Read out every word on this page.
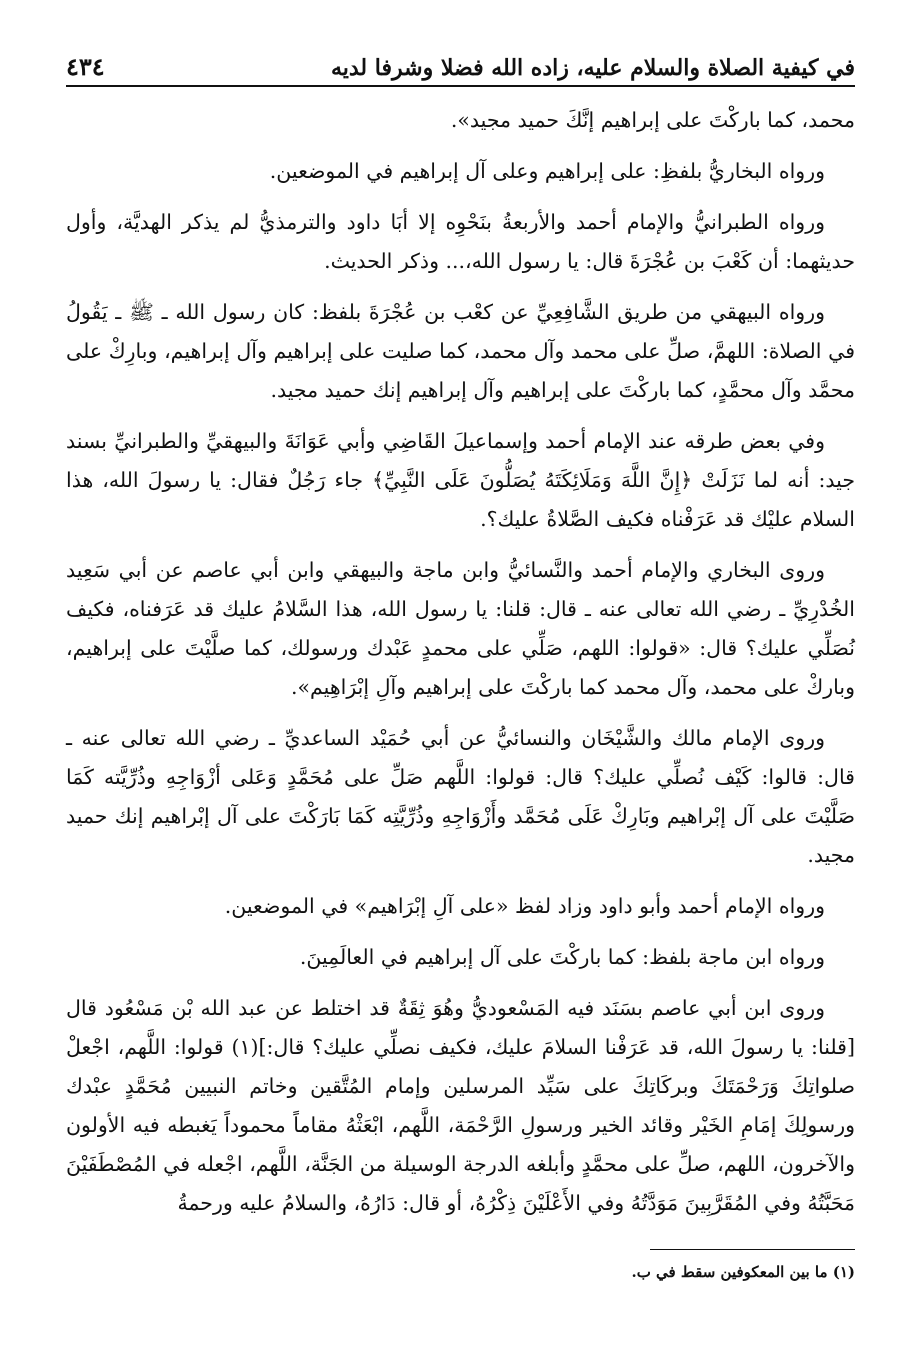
في كيفية الصلاة والسلام عليه، زاده الله فضلا وشرفا لديه
٤٣٤

محمد، كما باركْتَ على إبراهيم إنَّكَ حميد مجيد».

ورواه البخاريُّ بلفظِ: على إبراهيم وعلى آل إبراهيم في الموضعين.

ورواه الطبرانيُّ والإمام أحمد والأربعةُ بنَحْوِه إلا أبَا داود والترمذيُّ لم يذكر الهديَّة، وأول حديثهما: أن كَعْبَ بن عُجْرَةَ قال: يا رسول الله،... وذكر الحديث.

ورواه البيهقي من طريق الشَّافِعِيِّ عن كعْب بن عُجْرَةَ بلفظ: كان رسول الله ـ ﷺ ـ يَقُولُ في الصلاة: اللهمَّ، صلِّ على محمد وآل محمد، كما صليت على إبراهيم وآل إبراهيم، وبارِكْ على محمَّد وآل محمَّدٍ، كما باركْتَ على إبراهيم وآل إبراهيم إنك حميد مجيد.

وفي بعض طرقه عند الإمام أحمد وإسماعيلَ القَاضِي وأبي عَوَانَةَ والبيهقيِّ والطبرانيِّ بسند جيد: أنه لما نَزَلَتْ ﴿إِنَّ اللَّهَ وَمَلَائِكَتَهُ يُصَلُّونَ عَلَى النَّبِيِّ﴾ جاء رَجُلٌ فقال: يا رسولَ الله، هذا السلام عليْك قد عَرَفْناه فكيف الصَّلاةُ عليك؟.

وروى البخاري والإمام أحمد والنَّسائيُّ وابن ماجة والبيهقي وابن أبي عاصم عن أبي سَعِيد الخُدْرِيِّ ـ رضي الله تعالى عنه ـ قال: قلنا: يا رسول الله، هذا السَّلامُ عليك قد عَرَفناه، فكيف نُصَلِّي عليك؟ قال: «قولوا: اللهم، صَلِّي على محمدٍ عَبْدك ورسولك، كما صلَّيْتَ على إبراهيم، وباركْ على محمد، وآل محمد كما باركْتَ على إبراهيم وآلِ إبْرَاهِيم».

وروى الإمام مالك والشَّيْخَان والنسائيُّ عن أبي حُمَيْد الساعديِّ ـ رضي الله تعالى عنه ـ قال: قالوا: كَيْف نُصلِّي عليك؟ قال: قولوا: اللَّهم صَلِّ على مُحَمَّدٍ وَعَلى أزْوَاجِهِ وذُرِّيَّته كَمَا صَلَّيْتَ على آل إبْراهيم وبَارِكْ عَلَى مُحَمَّد وأَزْوَاجِهِ وذُرِّيَّتِه كَمَا بَارَكْتَ على آل إبْراهيم إنك حميد مجيد.

ورواه الإمام أحمد وأبو داود وزاد لفظ «على آلِ إبْرَاهيم» في الموضعين.

ورواه ابن ماجة بلفظ: كما باركْتَ على آل إبراهيم في العالَمِينَ.

وروى ابن أبي عاصم بسَنَد فيه المَسْعوديُّ وهُوَ ثِقَةٌ قد اختلط عن عبد الله بْن مَسْعُود قال [قلنا: يا رسولَ الله، قد عَرَفْنا السلامَ عليك، فكيف نصلِّي عليك؟ قال:](١) قولوا: اللَّهم، اجْعلْ صلواتِكَ وَرَحْمَتَكَ وبركَاتِكَ على سَيِّد المرسلين وإمام المُتَّقين وخاتم النبيين مُحَمَّدٍ عبْدك ورسولِكَ إمَامِ الخَيْر وقائد الخير ورسولِ الرَّحْمَة، اللَّهم، ابْعَثْهُ مقاماً محموداً يَغبطه فيه الأولون والآخرون، اللهم، صلِّ على محمَّدٍ وأبلغه الدرجة الوسيلة من الجَنَّة، اللَّهم، اجْعله في المُصْطَفَيْنَ مَحَبَّتُهُ وفي المُقَرَّبِينَ مَوَدَّتُهُ وفي الأَعْلَيْنَ ذِكْرُهُ، أو قال: دَارُهُ، والسلامُ عليه ورحمةُ

(١) ما بين المعكوفين سقط في ب.
